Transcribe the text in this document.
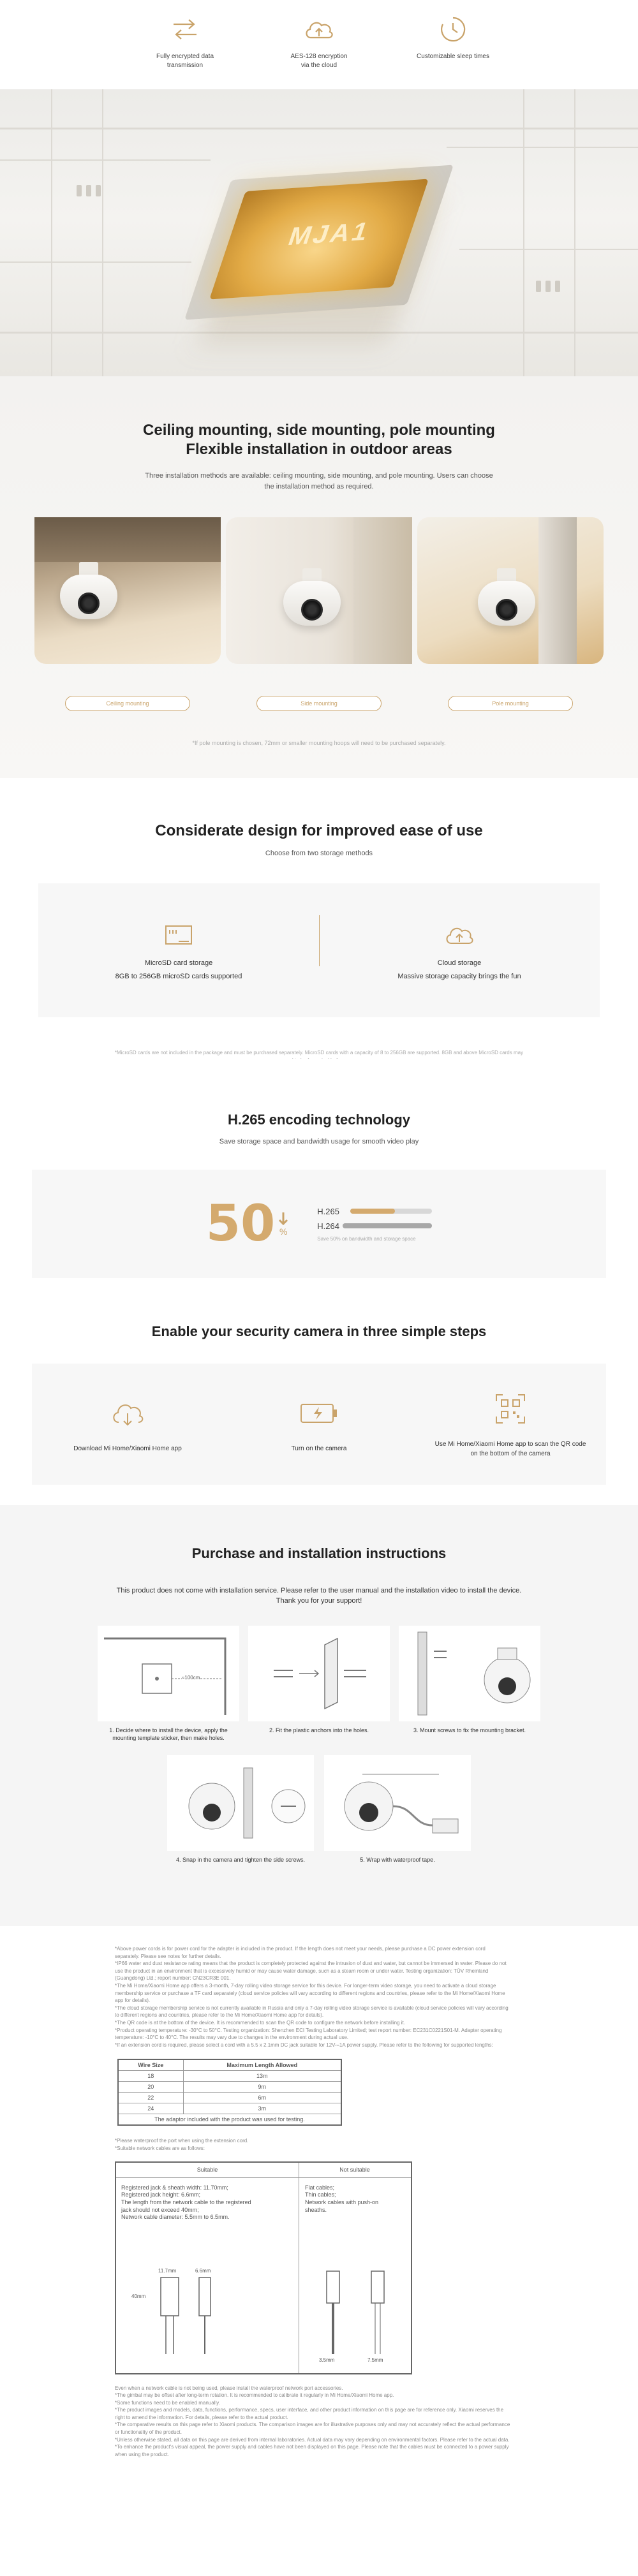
Fully encrypted data
transmission
AES-128 encryption
via the cloud
Customizable sleep times
MJA1
Ceiling mounting, side mounting, pole mounting
Flexible installation in outdoor areas
Three installation methods are available: ceiling mounting, side mounting, and pole mounting. Users can choose
the installation method as required.
Ceiling mounting	Side mounting	Pole mounting
*If pole mounting is chosen, 72mm or smaller mounting hoops will need to be purchased separately.
Considerate design for improved ease of use
Choose from two storage methods
MicroSD card storage
8GB to 256GB microSD cards supported
Cloud storage
Massive storage capacity brings the fun
*MicroSD cards are not included in the package and must be purchased separately. MicroSD cards with a capacity of 8 to 256GB are supported. 8GB and above MicroSD cards may
H.265 encoding technology
Save storage space and bandwidth usage for smooth video play
50 %
H.265
H.264
Save 50% on bandwidth and storage space
Enable your security camera in three simple steps
Download Mi Home/Xiaomi Home app	Turn on the camera
Use Mi Home/Xiaomi Home app to scan the QR code on the bottom of the camera
Purchase and installation instructions
This product does not come with installation service. Please refer to the user manual and the installation video to install the device.
Thank you for your support!
≈100cm
1. Decide where to install the device, apply the
mounting template sticker, then make holes.
2. Fit the plastic anchors into the holes.	3. Mount screws to fix the mounting bracket.
4. Snap in the camera and tighten the side screws.	5. Wrap with waterproof tape.
*Above power cords is for power cord for the adapter is included in the product. If the length does not meet your needs, please purchase a DC power extension cord separately. Please see notes for further details.
*IP66 water and dust resistance rating means that the product is completely protected against the intrusion of dust and water, but cannot be immersed in water. Please do not use the product in an environment that is excessively humid or may cause water damage, such as a steam room or under water. Testing organization: TÜV Rheinland (Guangdong) Ltd.; report number: CN23CR3E 001.
*The Mi Home/Xiaomi Home app offers a 3-month, 7-day rolling video storage service for this device. For longer-term video storage, you need to activate a cloud storage membership service or purchase a TF card separately (cloud service policies will vary according to different regions and countries, please refer to the Mi Home/Xiaomi Home app for details).
*The cloud storage membership service is not currently available in Russia and only a 7-day rolling video storage service is available (cloud service policies will vary according to different regions and countries, please refer to the Mi Home/Xiaomi Home app for details).
*The QR code is at the bottom of the device. It is recommended to scan the QR code to configure the network before installing it.
*Product operating temperature: -30°C to 50°C. Testing organization: Shenzhen ECI Testing Laboratory Limited; test report number: EC231C0221S01-M. Adapter operating temperature: -10°C to 40°C. The results may vary due to changes in the environment during actual use.
*If an extension cord is required, please select a cord with a 5.5 x 2.1mm DC jack suitable for 12V⎓1A power supply. Please refer to the following for supported lengths:
Wire Size	Maximum Length Allowed
18	13m
20	9m
22	6m
24	3m
The adaptor included with the product was used for testing.	
*Please waterproof the port when using the extension cord.
*Suitable network cables are as follows:
Suitable	Not suitable
Registered jack & sheath width: 11.70mm;
Registered jack height: 6.6mm;
The length from the network cable to the registered
jack should not exceed 40mm;
Network cable diameter: 5.5mm to 6.5mm.
Flat cables;
Thin cables;
Network cables with push-on
sheaths.
11.7mm	6.6mm
40mm
3.5mm	7.5mm
Even when a network cable is not being used, please install the waterproof network port accessories.
*The gimbal may be offset after long-term rotation. It is recommended to calibrate it regularly in Mi Home/Xiaomi Home app.
*Some functions need to be enabled manually.
*The product images and models, data, functions, performance, specs, user interface, and other product information on this page are for reference only. Xiaomi reserves the right to amend the information. For details, please refer to the actual product.
*The comparative results on this page refer to Xiaomi products. The comparison images are for illustrative purposes only and may not accurately reflect the actual performance or functionality of the product.
*Unless otherwise stated, all data on this page are derived from internal laboratories. Actual data may vary depending on environmental factors. Please refer to the actual data.
*To enhance the product's visual appeal, the power supply and cables have not been displayed on this page. Please note that the cables must be connected to a power supply when using the product.
